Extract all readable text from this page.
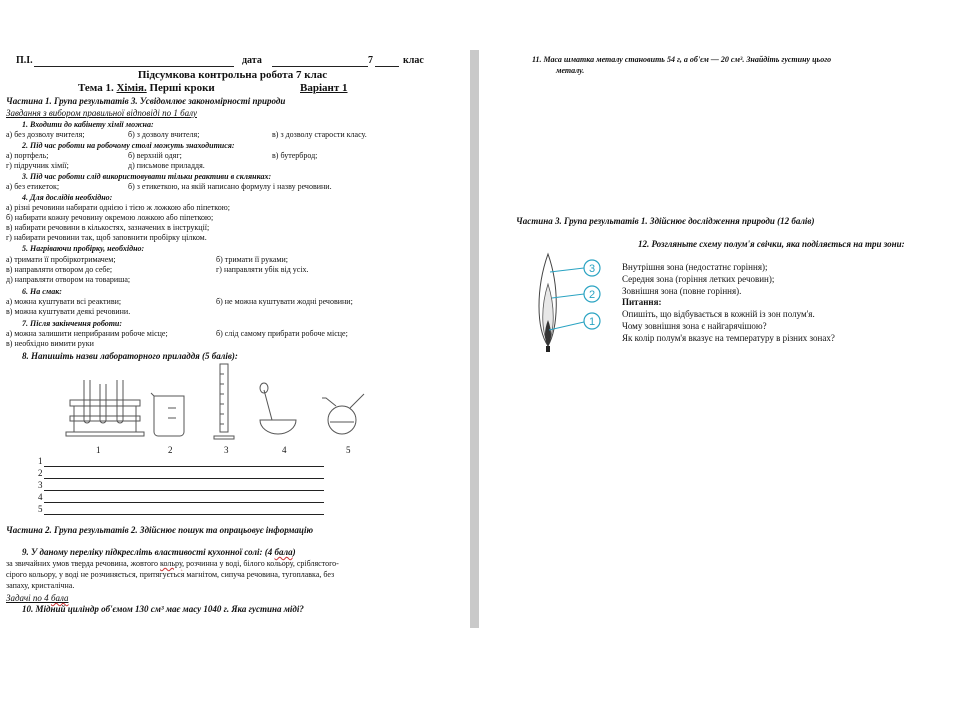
П.І.	дата	7	клас
Підсумкова контрольна робота 7 клас
Тема 1. Хімія. Перші кроки	Варіант 1
Частина 1. Група результатів 3. Усвідомлює закономірності природи
Завдання з вибором правильної відповіді по 1 балу
1. Входити до кабінету хімії можна:
а) без дозволу вчителя;	б) з дозволу вчителя;	в) з дозволу старости класу.
2. Під час роботи на робочому столі можуть знаходитися:
а) портфель;	б) верхній одяг;	в) бутерброд;
г) підручник хімії;	д) письмове приладдя.
3. Під час роботи слід використовувати тільки реактиви в склянках:
а) без етикеток;	б) з етикеткою, на якій написано формулу і назву речовини.
4. Для дослідів необхідно:
а) різні речовини набирати однією і тією ж ложкою або піпеткою;
б) набирати кожну речовину окремою ложкою або піпеткою;
в) набирати речовини в кількостях, зазначених в інструкції;
г) набирати речовини так, щоб заповнити пробірку цілком.
5. Нагріваючи пробірку, необхідно:
а) тримати її пробіркотримачем;	б) тримати її руками;
в) направляти отвором до себе;	г) направляти убік від усіх.
д) направляти отвором на товариша;
6. На смак:
а) можна куштувати всі реактиви;	б) не можна куштувати жодні речовини;
в) можна куштувати деякі речовини.
7. Після закінчення роботи:
а) можна залишити неприбраним робоче місце;	б) слід самому прибрати робоче місце;
в) необхідно вимити руки
8. Напишіть назви лабораторного приладдя (5 балів):
1	2	3	4	5
1
2
3
4
5
Частина 2. Група результатів 2. Здійснює пошук та опрацьовує інформацію
9. У даному переліку підкресліть властивості кухонної солі: (4 бала)
за звичайних умов тверда речовина, жовтого кольру, розчинна у воді, білого кольору, сріблястого-
сірого кольору, у воді не розчиняється, притягується магнітом, сипуча речовина, тугоплавка, без
запаху, кристалічна.
Задачі по 4 бала
10. Мідний циліндр об'ємом 130 см³ має масу 1040 г. Яка густина міді?
11. Маса шматка металу становить 54 г, а об'єм — 20 см³. Знайдіть густину цього
металу.
Частина 3. Група результатів 1. Здійснює дослідження природи (12 балів)
12. Розгляньте схему полум'я свічки, яка поділяється на три зони:
3
2
1
Внутрішня зона (недостатнє горіння);
Середня зона (горіння летких речовин);
Зовнішня зона (повне горіння).
Питання:
Опишіть, що відбувається в кожній із зон полум'я.
Чому зовнішня зона є найгарячішою?
Як колір полум'я вказує на температуру в різних зонах?
